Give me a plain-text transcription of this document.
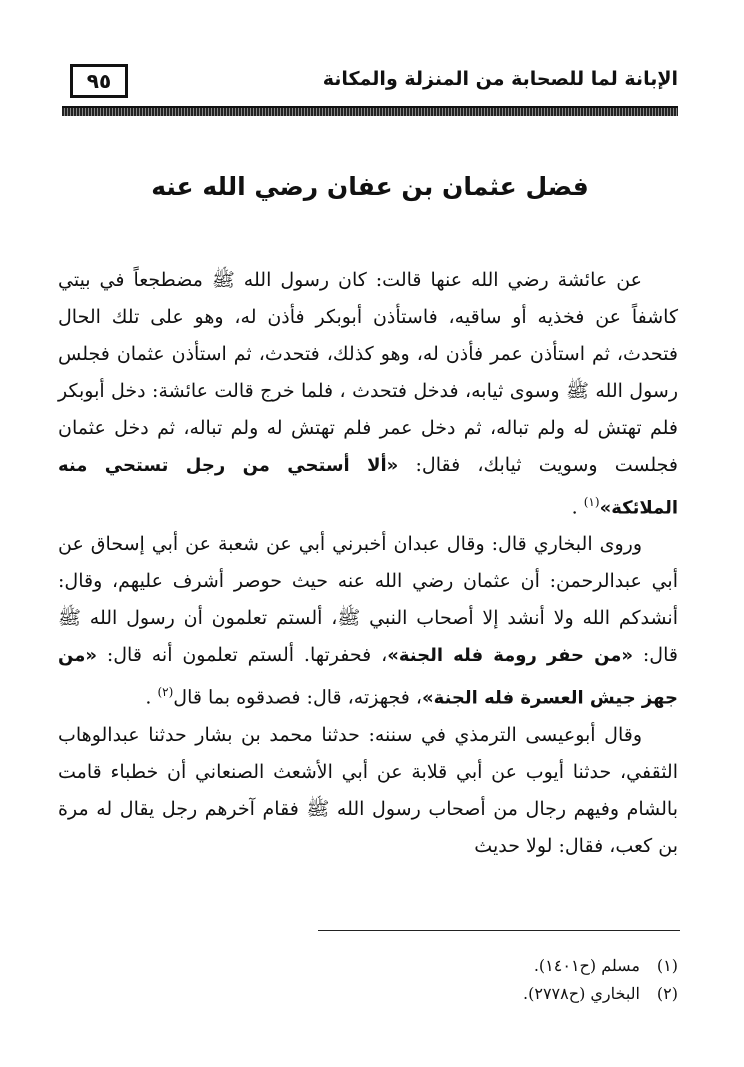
٩٥	الإبانة لما للصحابة من المنزلة والمكانة
فضل عثمان بن عفان رضي الله عنه

عن عائشة رضي الله عنها قالت: كان رسول الله ﷺ مضطجعاً في بيتي كاشفاً عن فخذيه أو ساقيه، فاستأذن أبوبكر فأذن له، وهو على تلك الحال فتحدث، ثم استأذن عمر فأذن له، وهو كذلك، فتحدث، ثم استأذن عثمان فجلس رسول الله ﷺ وسوى ثيابه، فدخل فتحدث ، فلما خرج قالت عائشة: دخل أبوبكر فلم تهتش له ولم تباله، ثم دخل عمر فلم تهتش له ولم تباله، ثم دخل عثمان فجلست وسويت ثيابك، فقال: «ألا أستحي من رجل تستحي منه الملائكة»$^{(١)}$ .

وروى البخاري قال: وقال عبدان أخبرني أبي عن شعبة عن أبي إسحاق عن أبي عبدالرحمن: أن عثمان رضي الله عنه حيث حوصر أشرف عليهم، وقال: أنشدكم الله ولا أنشد إلا أصحاب النبي ﷺ، ألستم تعلمون أن رسول الله ﷺ قال: «من حفر رومة فله الجنة»، فحفرتها. ألستم تعلمون أنه قال: «من جهز جيش العسرة فله الجنة»، فجهزته، قال: فصدقوه بما قال$^{(٢)}$ .

وقال أبوعيسى الترمذي في سننه: حدثنا محمد بن بشار حدثنا عبدالوهاب الثقفي، حدثنا أيوب عن أبي قلابة عن أبي الأشعث الصنعاني أن خطباء قامت بالشام وفيهم رجال من أصحاب رسول الله ﷺ فقام آخرهم رجل يقال له مرة بن كعب، فقال: لولا حديث

(١)مسلم (ح١٤٠١).
(٢)البخاري (ح٢٧٧٨).
